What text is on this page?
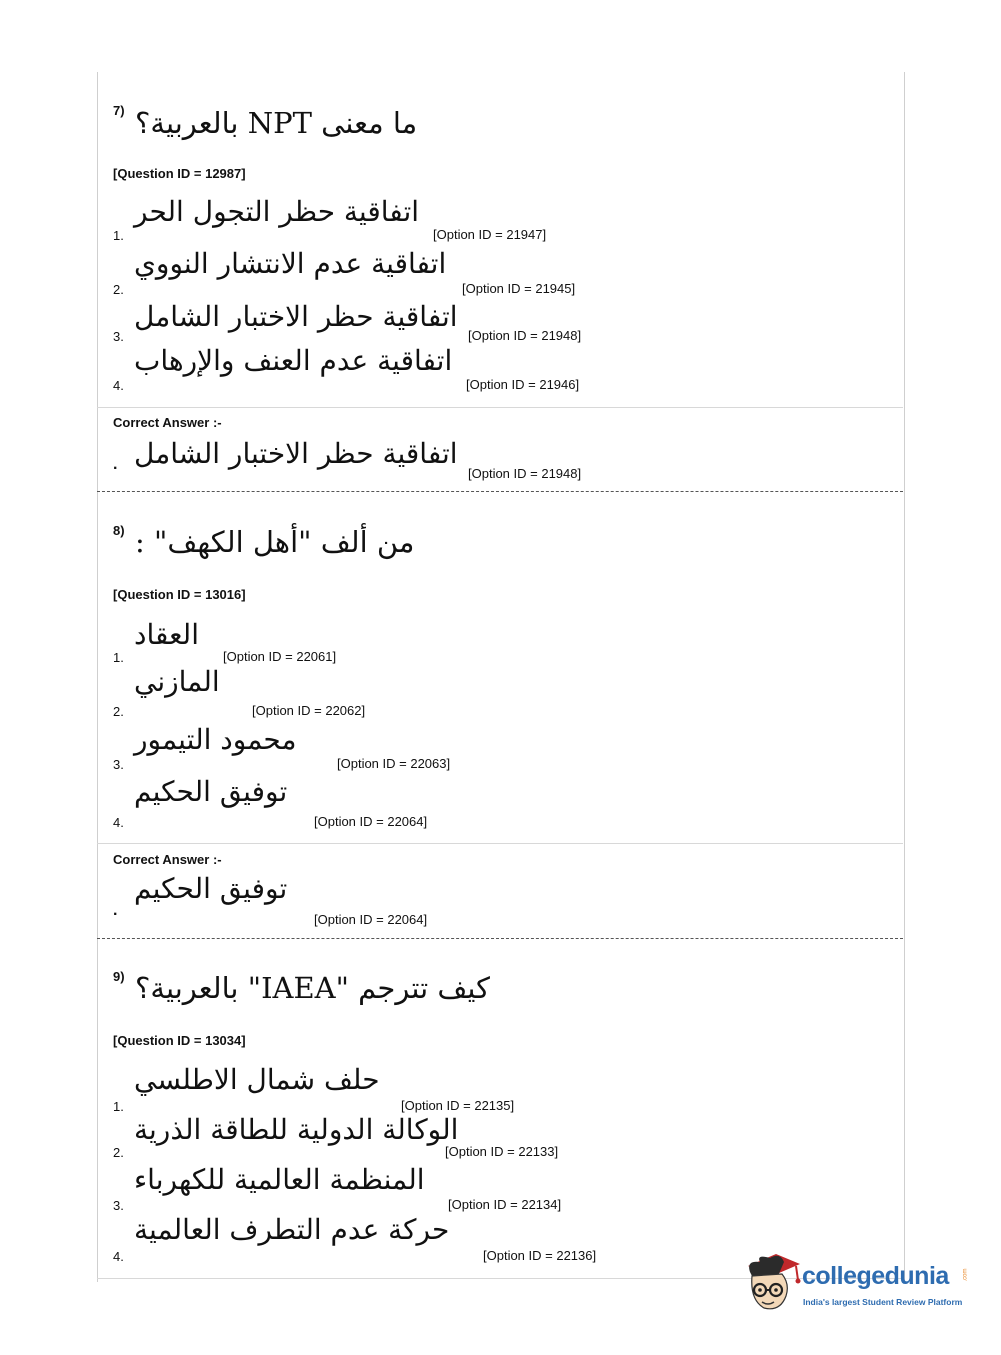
7) ما معنى NPT بالعربية؟
[Question ID = 12987]
1.
اتفاقية حظر التجول الحر
[Option ID = 21947]
2.
اتفاقية عدم الانتشار النووي
[Option ID = 21945]
3.
اتفاقية حظر الاختبار الشامل
[Option ID = 21948]
4.
اتفاقية عدم العنف والإرهاب
[Option ID = 21946]
Correct Answer :-
. اتفاقية حظر الاختبار الشامل
[Option ID = 21948]
8) من ألف "أهل الكهف" :
[Question ID = 13016]
1.
العقاد
[Option ID = 22061]
2.
المازني
[Option ID = 22062]
3.
محمود التيمور
[Option ID = 22063]
4.
توفيق الحكيم
[Option ID = 22064]
Correct Answer :-
.
توفيق الحكيم
[Option ID = 22064]
9) كيف تترجم "IAEA" بالعربية؟
[Question ID = 13034]
1.
حلف شمال الاطلسي
[Option ID = 22135]
2.
الوكالة الدولية للطاقة الذرية
[Option ID = 22133]
3.
المنظمة العالمية للكهرباء
[Option ID = 22134]
4.
حركة عدم التطرف العالمية
[Option ID = 22136]
collegedunia .com
India's largest Student Review Platform
